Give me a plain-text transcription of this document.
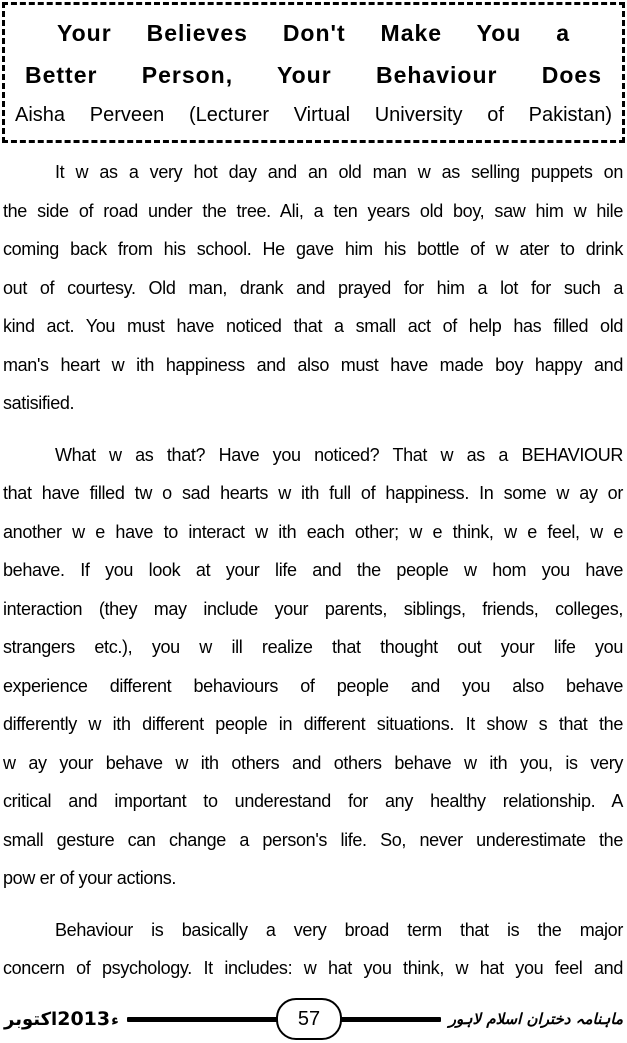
Your Believes Don't Make You a
Better Person, Your Behaviour Does
Aisha Perveen (Lecturer Virtual University of Pakistan)
It w as a very hot day and an old man w as selling puppets on
the side of road under the tree. Ali, a ten years old boy, saw him w hile
coming back from his school. He gave him his bottle of w ater to drink
out of courtesy. Old man, drank and prayed for him a lot for such a
kind act. You must have noticed that a small act of help has filled old
man's heart w ith happiness and also must have made boy happy and
satisified.
What w as that? Have you noticed? That w as a BEHAVIOUR
that have filled tw o sad hearts w ith full of happiness. In some w ay or
another w e have to interact w ith each other; w e think, w e feel, w e
behave. If you look at your life and the people w hom you have
interaction (they may include your parents, siblings, friends, colleges,
strangers etc.), you w ill realize that thought out your life you
experience different behaviours of people and you also behave
differently w ith different people in different situations. It show s that the
w ay your behave w ith others and others behave w ith you, is very
critical and important to underestand for any healthy relationship. A
small gesture can change a person's life. So, never underestimate the
pow er of your actions.
Behaviour is basically a very broad term that is the major
concern of psychology. It includes: w hat you think, w hat you feel and
اکتوبر 2013 ء	57	ماہنامہ دختران اسلام لاہور
